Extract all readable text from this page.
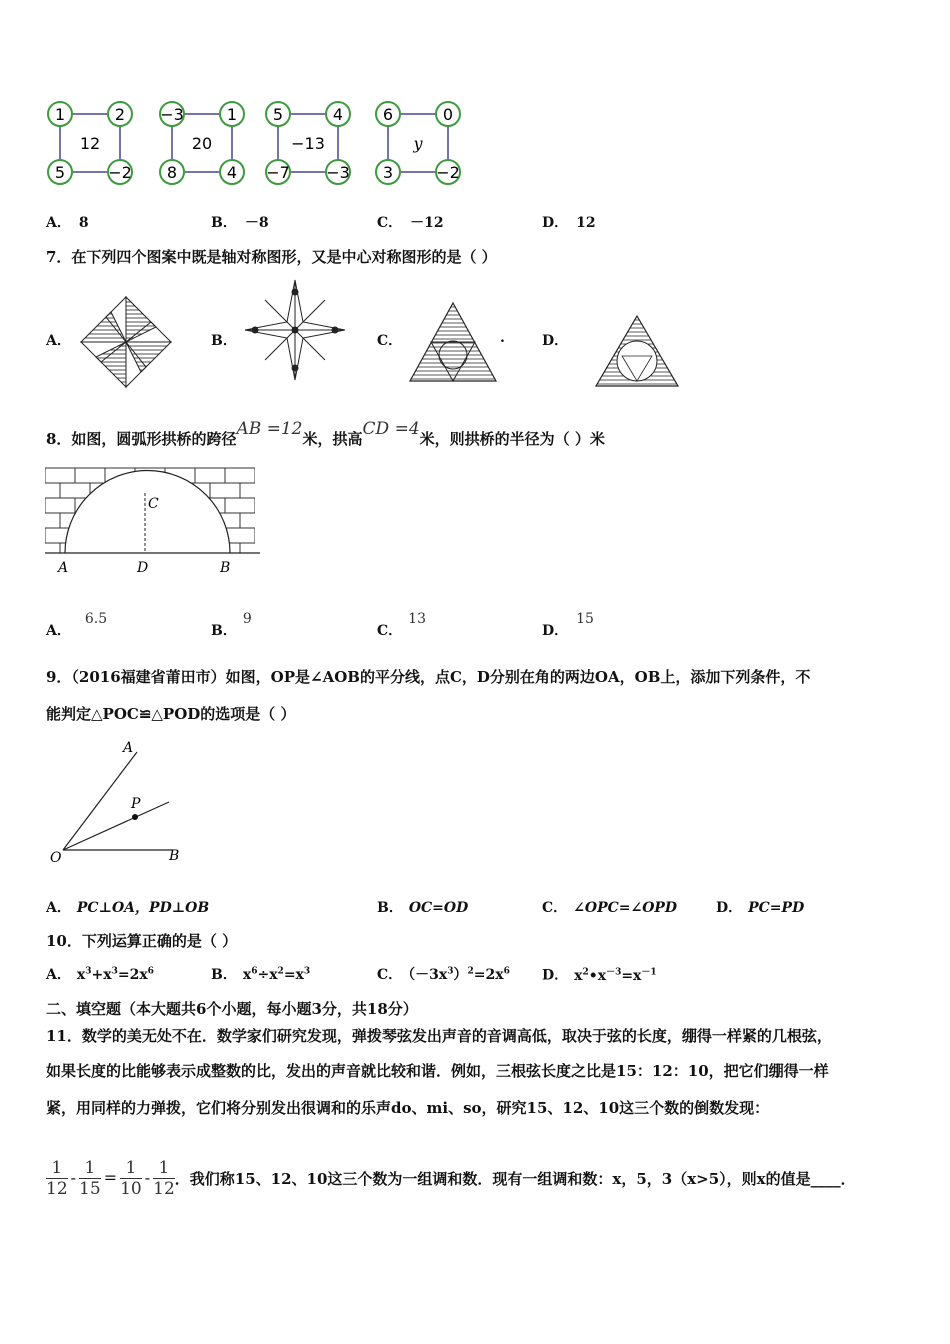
1	2
5	−2
12
−3	1
8	4
20
5	4
−7 −3
−13
6	0
3	−2
y
A． 8	B． －8	C． －12	D． 12
7．在下列四个图案中既是轴对称图形，又是中心对称图形的是（ ）
A．	B．	C．	.	D．
8．如图，圆弧形拱桥的跨径AB =12米，拱高CD =4米，则拱桥的半径为（ ）米
C
A	D	B
A．6.5
B．9
C．13
D．15
9．（2016福建省莆田市）如图，OP是∠AOB的平分线，点C，D分别在角的两边OA，OB上，添加下列条件，不
能判定△POC≌△POD的选项是（ ）
A
P
O	B
A． PC⊥OA，PD⊥OB	B． OC=OD	C． ∠OPC=∠OPD	D． PC=PD
10．下列运算正确的是（ ）
A． $x^3+x^3=2x^6$	B． $x^6\div x^2=x^3$	C． $(-3x^3)^2=2x^6$ D． $x^2•x^{-3}=x^{-1}$
二、填空题（本大题共6个小题，每小题3分，共18分）
11．数学的美无处不在．数学家们研究发现，弹拨琴弦发出声音的音调高低，取决于弦的长度，绷得一样紧的几根弦，
如果长度的比能够表示成整数的比，发出的声音就比较和谐．例如，三根弦长度之比是15：12：10，把它们绷得一样
紧，用同样的力弹拨，它们将分别发出很调和的乐声do、mi、so，研究15、12、10这三个数的倒数发现：
$\frac{1}{12} - \frac{1}{15} = \frac{1}{10} - \frac{1}{12}$ ．我们称15、12、10这三个数为一组调和数．现有一组调和数：x，5，3（x>5），则x的值是____．
